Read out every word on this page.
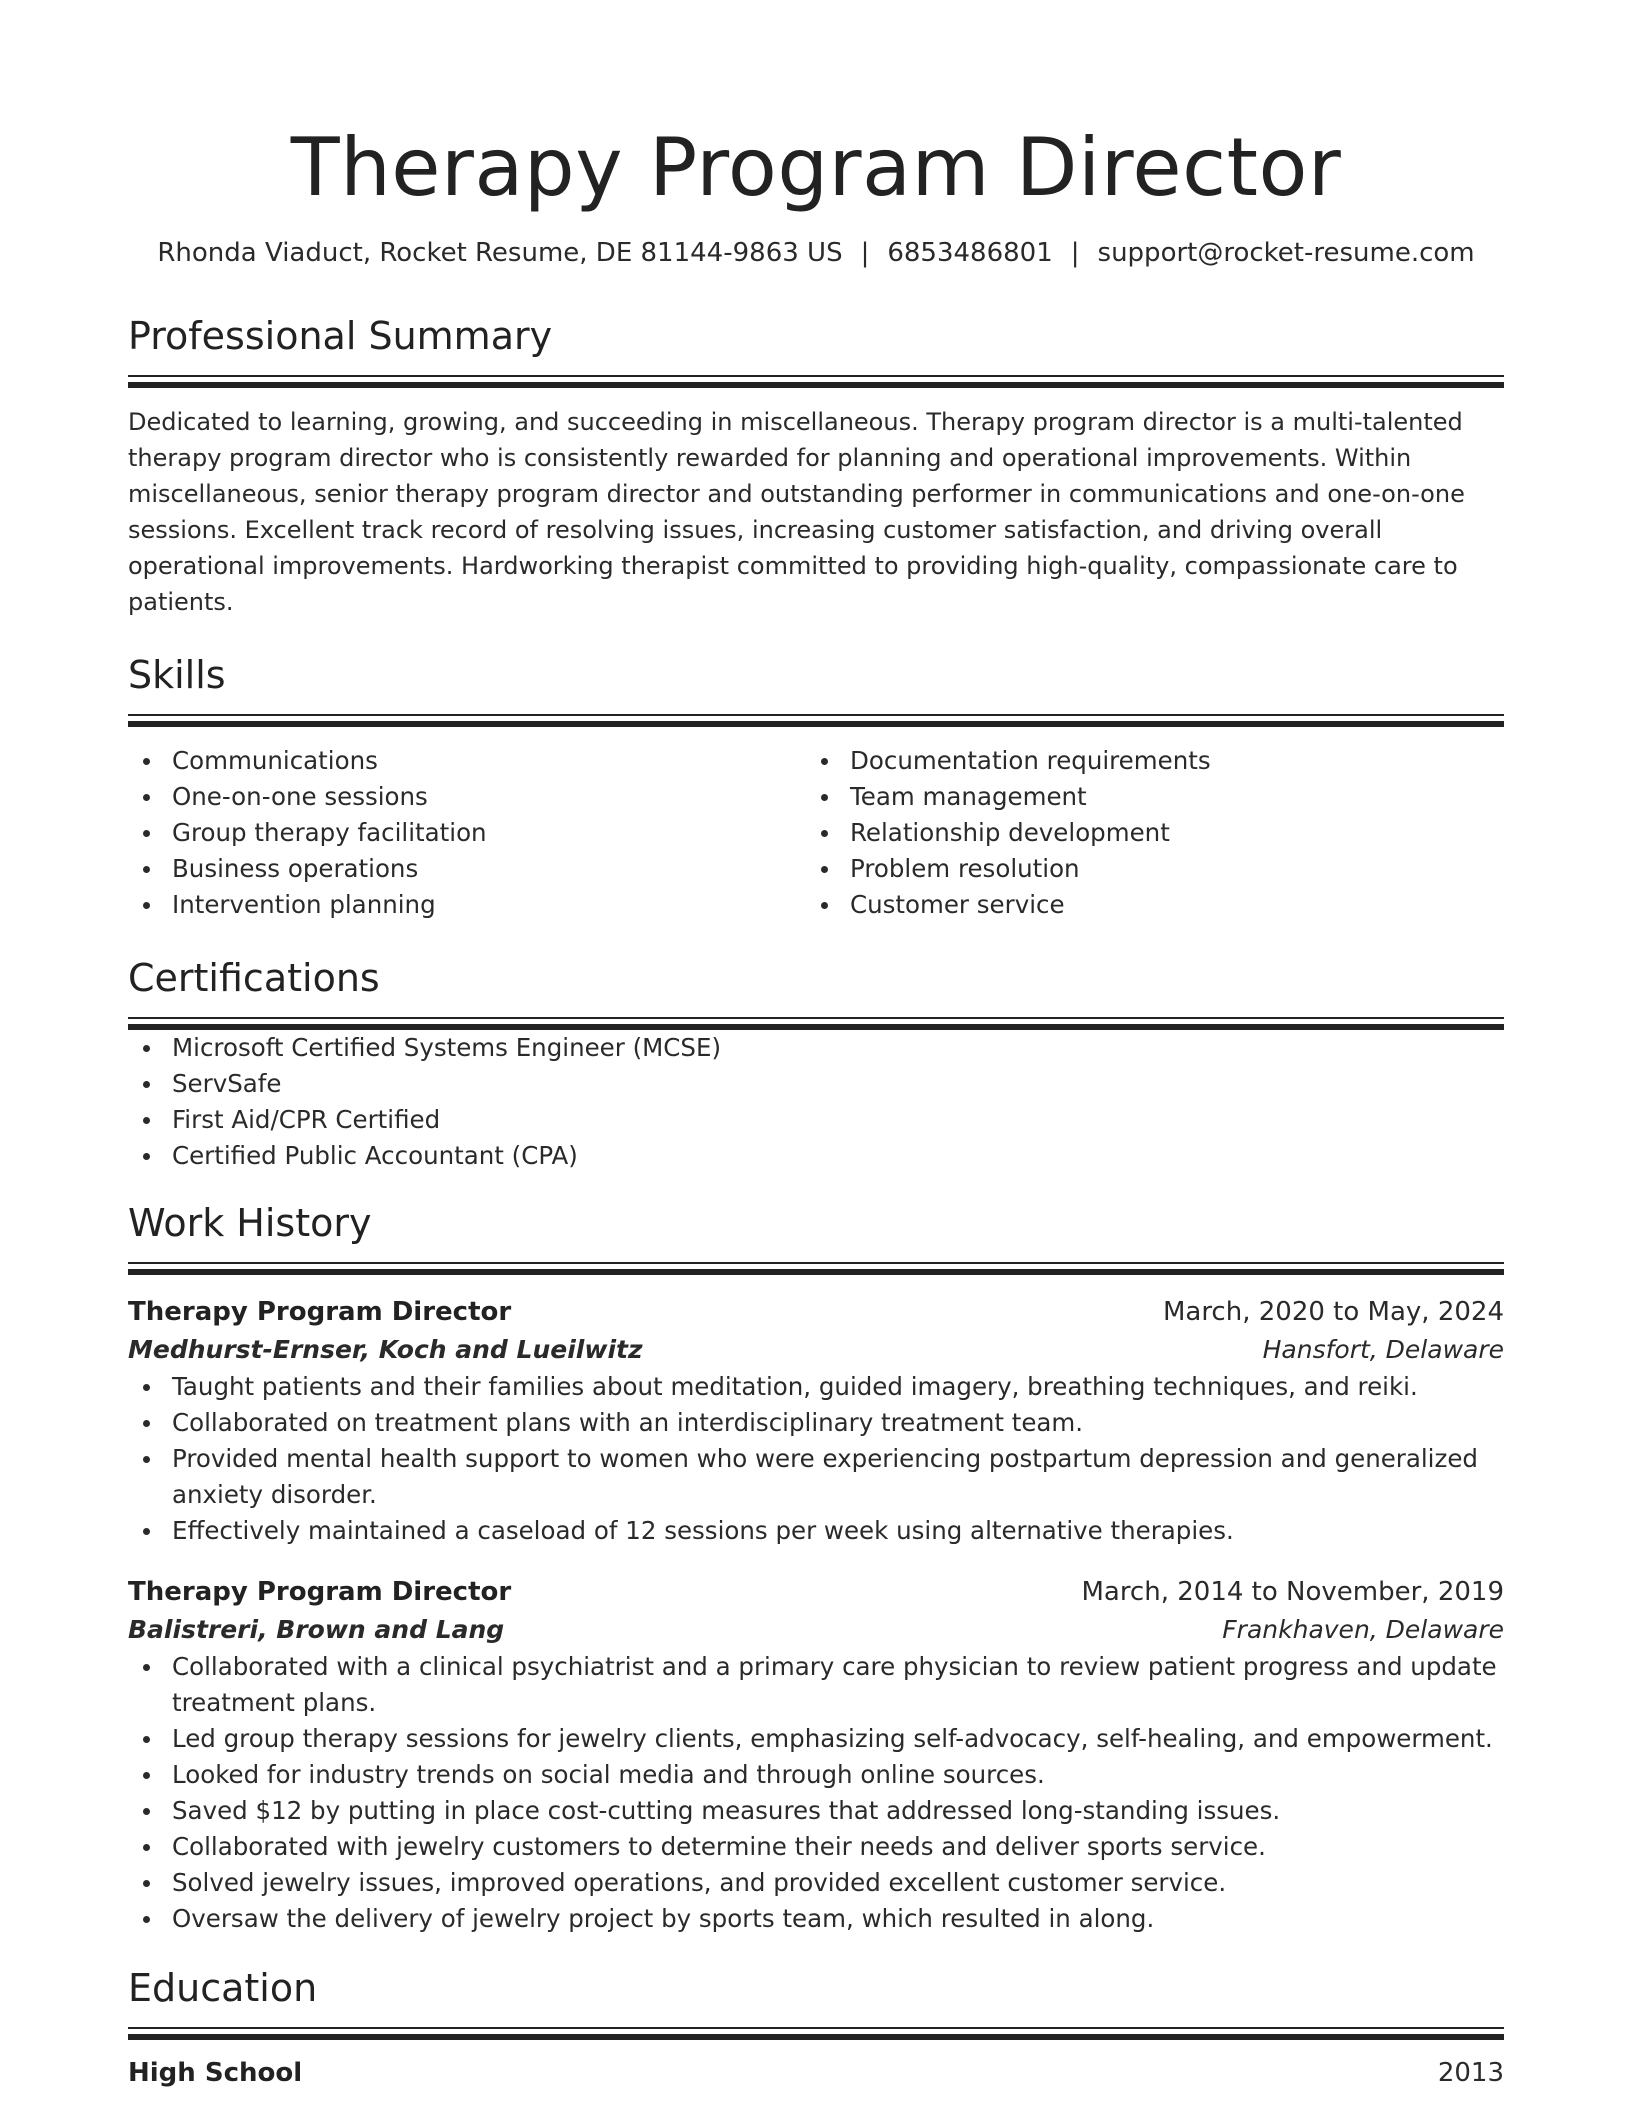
Therapy Program Director
Rhonda Viaduct, Rocket Resume, DE 81144-9863 US | 6853486801 | support@rocket-resume.com
Professional Summary

Dedicated to learning, growing, and succeeding in miscellaneous. Therapy program director is a multi-talented therapy program director who is consistently rewarded for planning and operational improvements. Within miscellaneous, senior therapy program director and outstanding performer in communications and one-on-one sessions. Excellent track record of resolving issues, increasing customer satisfaction, and driving overall operational improvements. Hardworking therapist committed to providing high-quality, compassionate care to patients.

Skills
Communications
One-on-one sessions
Group therapy facilitation
Business operations
Intervention planning
Documentation requirements
Team management
Relationship development
Problem resolution
Customer service
Certifications
Microsoft Certified Systems Engineer (MCSE)
ServSafe
First Aid/CPR Certified
Certified Public Accountant (CPA)
Work History
Therapy Program Director	March, 2020 to May, 2024
Medhurst-Ernser, Koch and Lueilwitz	Hansfort, Delaware
Taught patients and their families about meditation, guided imagery, breathing techniques, and reiki.
Collaborated on treatment plans with an interdisciplinary treatment team.
Provided mental health support to women who were experiencing postpartum depression and generalized anxiety disorder.
Effectively maintained a caseload of 12 sessions per week using alternative therapies.
Therapy Program Director	March, 2014 to November, 2019
Balistreri, Brown and Lang	Frankhaven, Delaware
Collaborated with a clinical psychiatrist and a primary care physician to review patient progress and update treatment plans.
Led group therapy sessions for jewelry clients, emphasizing self-advocacy, self-healing, and empowerment.
Looked for industry trends on social media and through online sources.
Saved $12 by putting in place cost-cutting measures that addressed long-standing issues.
Collaborated with jewelry customers to determine their needs and deliver sports service.
Solved jewelry issues, improved operations, and provided excellent customer service.
Oversaw the delivery of jewelry project by sports team, which resulted in along.
Education
High School	2013
